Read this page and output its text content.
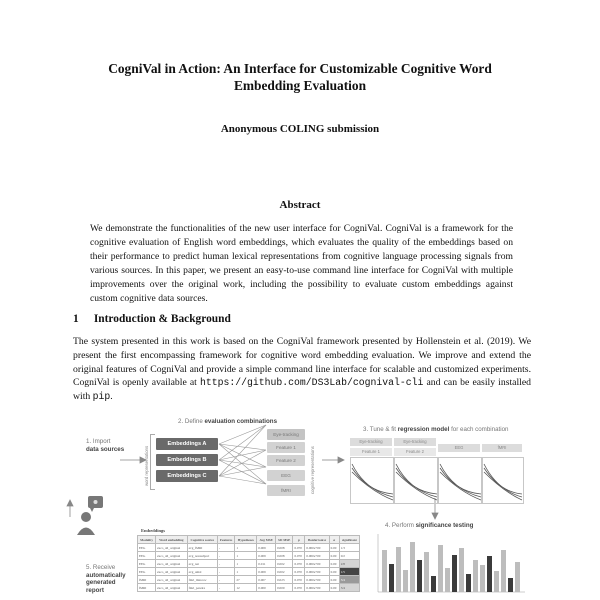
CogniVal in Action: An Interface for Customizable Cognitive Word
Embedding Evaluation
Anonymous COLING submission
Abstract
We demonstrate the functionalities of the new user interface for CogniVal. CogniVal is a framework for the cognitive evaluation of English word embeddings, which evaluates the quality of the embeddings based on their performance to predict human lexical representations from cognitive language processing signals from various sources. In this paper, we present an easy-to-use command line interface for CogniVal with multiple improvements over the original work, including the possibility to evaluate custom embeddings against custom cognitive data sources.
1 Introduction & Background
The system presented in this work is based on the CogniVal framework presented by Hollenstein et al. (2019). We present the first encompassing framework for cognitive word embedding evaluation. We improve and extend the original features of CogniVal and provide a simple command line interface for scalable and customized experiments. CogniVal is openly available at https://github.com/DS3Lab/cognival-cli and can be easily installed with pip.
1. Import
data sources
2. Define evaluation combinations
3. Tune & fit regression model for each combination
4. Perform significance testing
5. Receive
automatically
generated
report
word representations
Embeddings A
Embeddings B
Embeddings C
Eye-tracking
Feature 1
Feature 2
EEG
fMRI	cognitive representations
Eye-tracking	Eye-tracking
EEG	fMRI
Feature 1	Feature 2
Embeddings
Modality	Word embedding	Cognitive source	Features	Hypotheses	Avg MSE	SD MSE	p	Bonferroni α	α	significant
EEG	zuco_all_original	avg_fMRI	-	1	0.009	0.008	0.070	0.000e+00	0.00	1/3
EEG	zuco_all_original	avg_nonsubject	-	1	0.009	0.008	0.070	0.000e+00	0.00	0/2
EEG	zuco_all_original	avg_nat	-	1	0.011	0.002	0.070	0.000e+00	0.00	2/8
EEG	zuco_all_original	avg_umsl	-	1	0.009	0.002	0.070	0.000e+00	0.00	1/5
fMRI	zuco_all_original	fmri_mincow	-	27	0.007	0.023	0.070	0.000e+00	0.00	3/4
fMRI	zuco_all_original	fmri_pereira	-	12	0.000	0.000	0.070	0.000e+00	0.00	3/4
